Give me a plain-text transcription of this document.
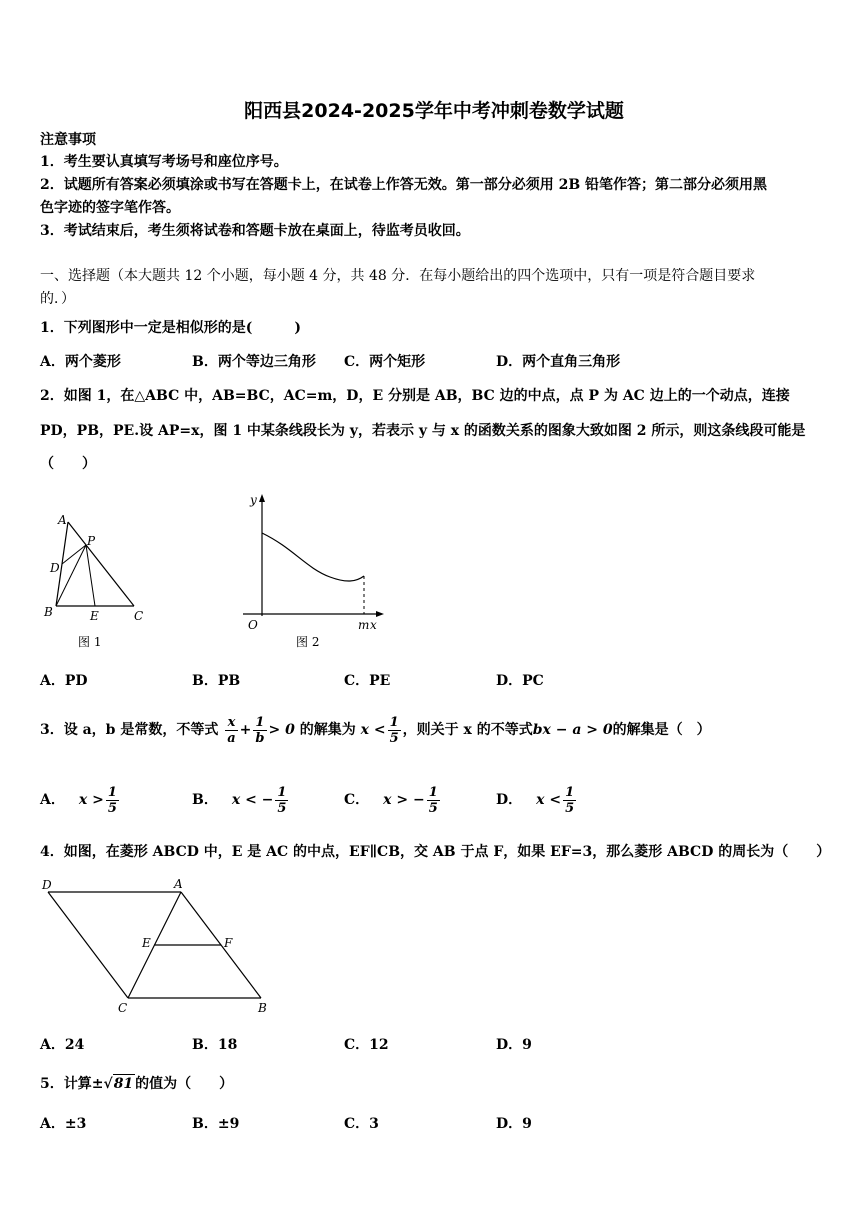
阳西县2024-2025学年中考冲刺卷数学试题
注意事项
1．考生要认真填写考场号和座位序号。
2．试题所有答案必须填涂或书写在答题卡上，在试卷上作答无效。第一部分必须用 2B 铅笔作答；第二部分必须用黑
色字迹的签字笔作答。
3．考试结束后，考生须将试卷和答题卡放在桌面上，待监考员收回。
一、选择题（本大题共 12 个小题，每小题 4 分，共 48 分．在每小题给出的四个选项中，只有一项是符合题目要求
的．）
1．下列图形中一定是相似形的是(　　　)
A．两个菱形	B．两个等边三角形 C．两个矩形	D．两个直角三角形
2．如图 1，在△ABC 中，AB=BC，AC=m，D，E 分别是 AB，BC 边的中点，点 P 为 AC 边上的一个动点，连接
PD，PB，PE.设 AP=x，图 1 中某条线段长为 y，若表示 y 与 x 的函数关系的图象大致如图 2 所示，则这条线段可能是
（　　）
A
P
D
B	E	C
图 1
y
O	m x
图 2
A．PD	B．PB	C．PE	D．PC
3．设 a，b 是常数，不等式 $\frac{x}{a} + \frac{1}{b} > 0$ 的解集为 $x < \frac{1}{5}$ ，则关于 x 的不等式bx − a > 0的解集是（　）
A． $x > \frac{1}{5}$	B． x < − $\frac{1}{5}$	C． x > − $\frac{1}{5}$	D． $x < \frac{1}{5}$
4．如图，在菱形 ABCD 中，E 是 AC 的中点，EF∥CB，交 AB 于点 F，如果 EF=3，那么菱形 ABCD 的周长为（　　）
D	A
E	F
C	B
A．24	B．18	C．12	D．9
5．计算±√81 的值为（　　）
A．±3	B．±9	C．3	D．9
